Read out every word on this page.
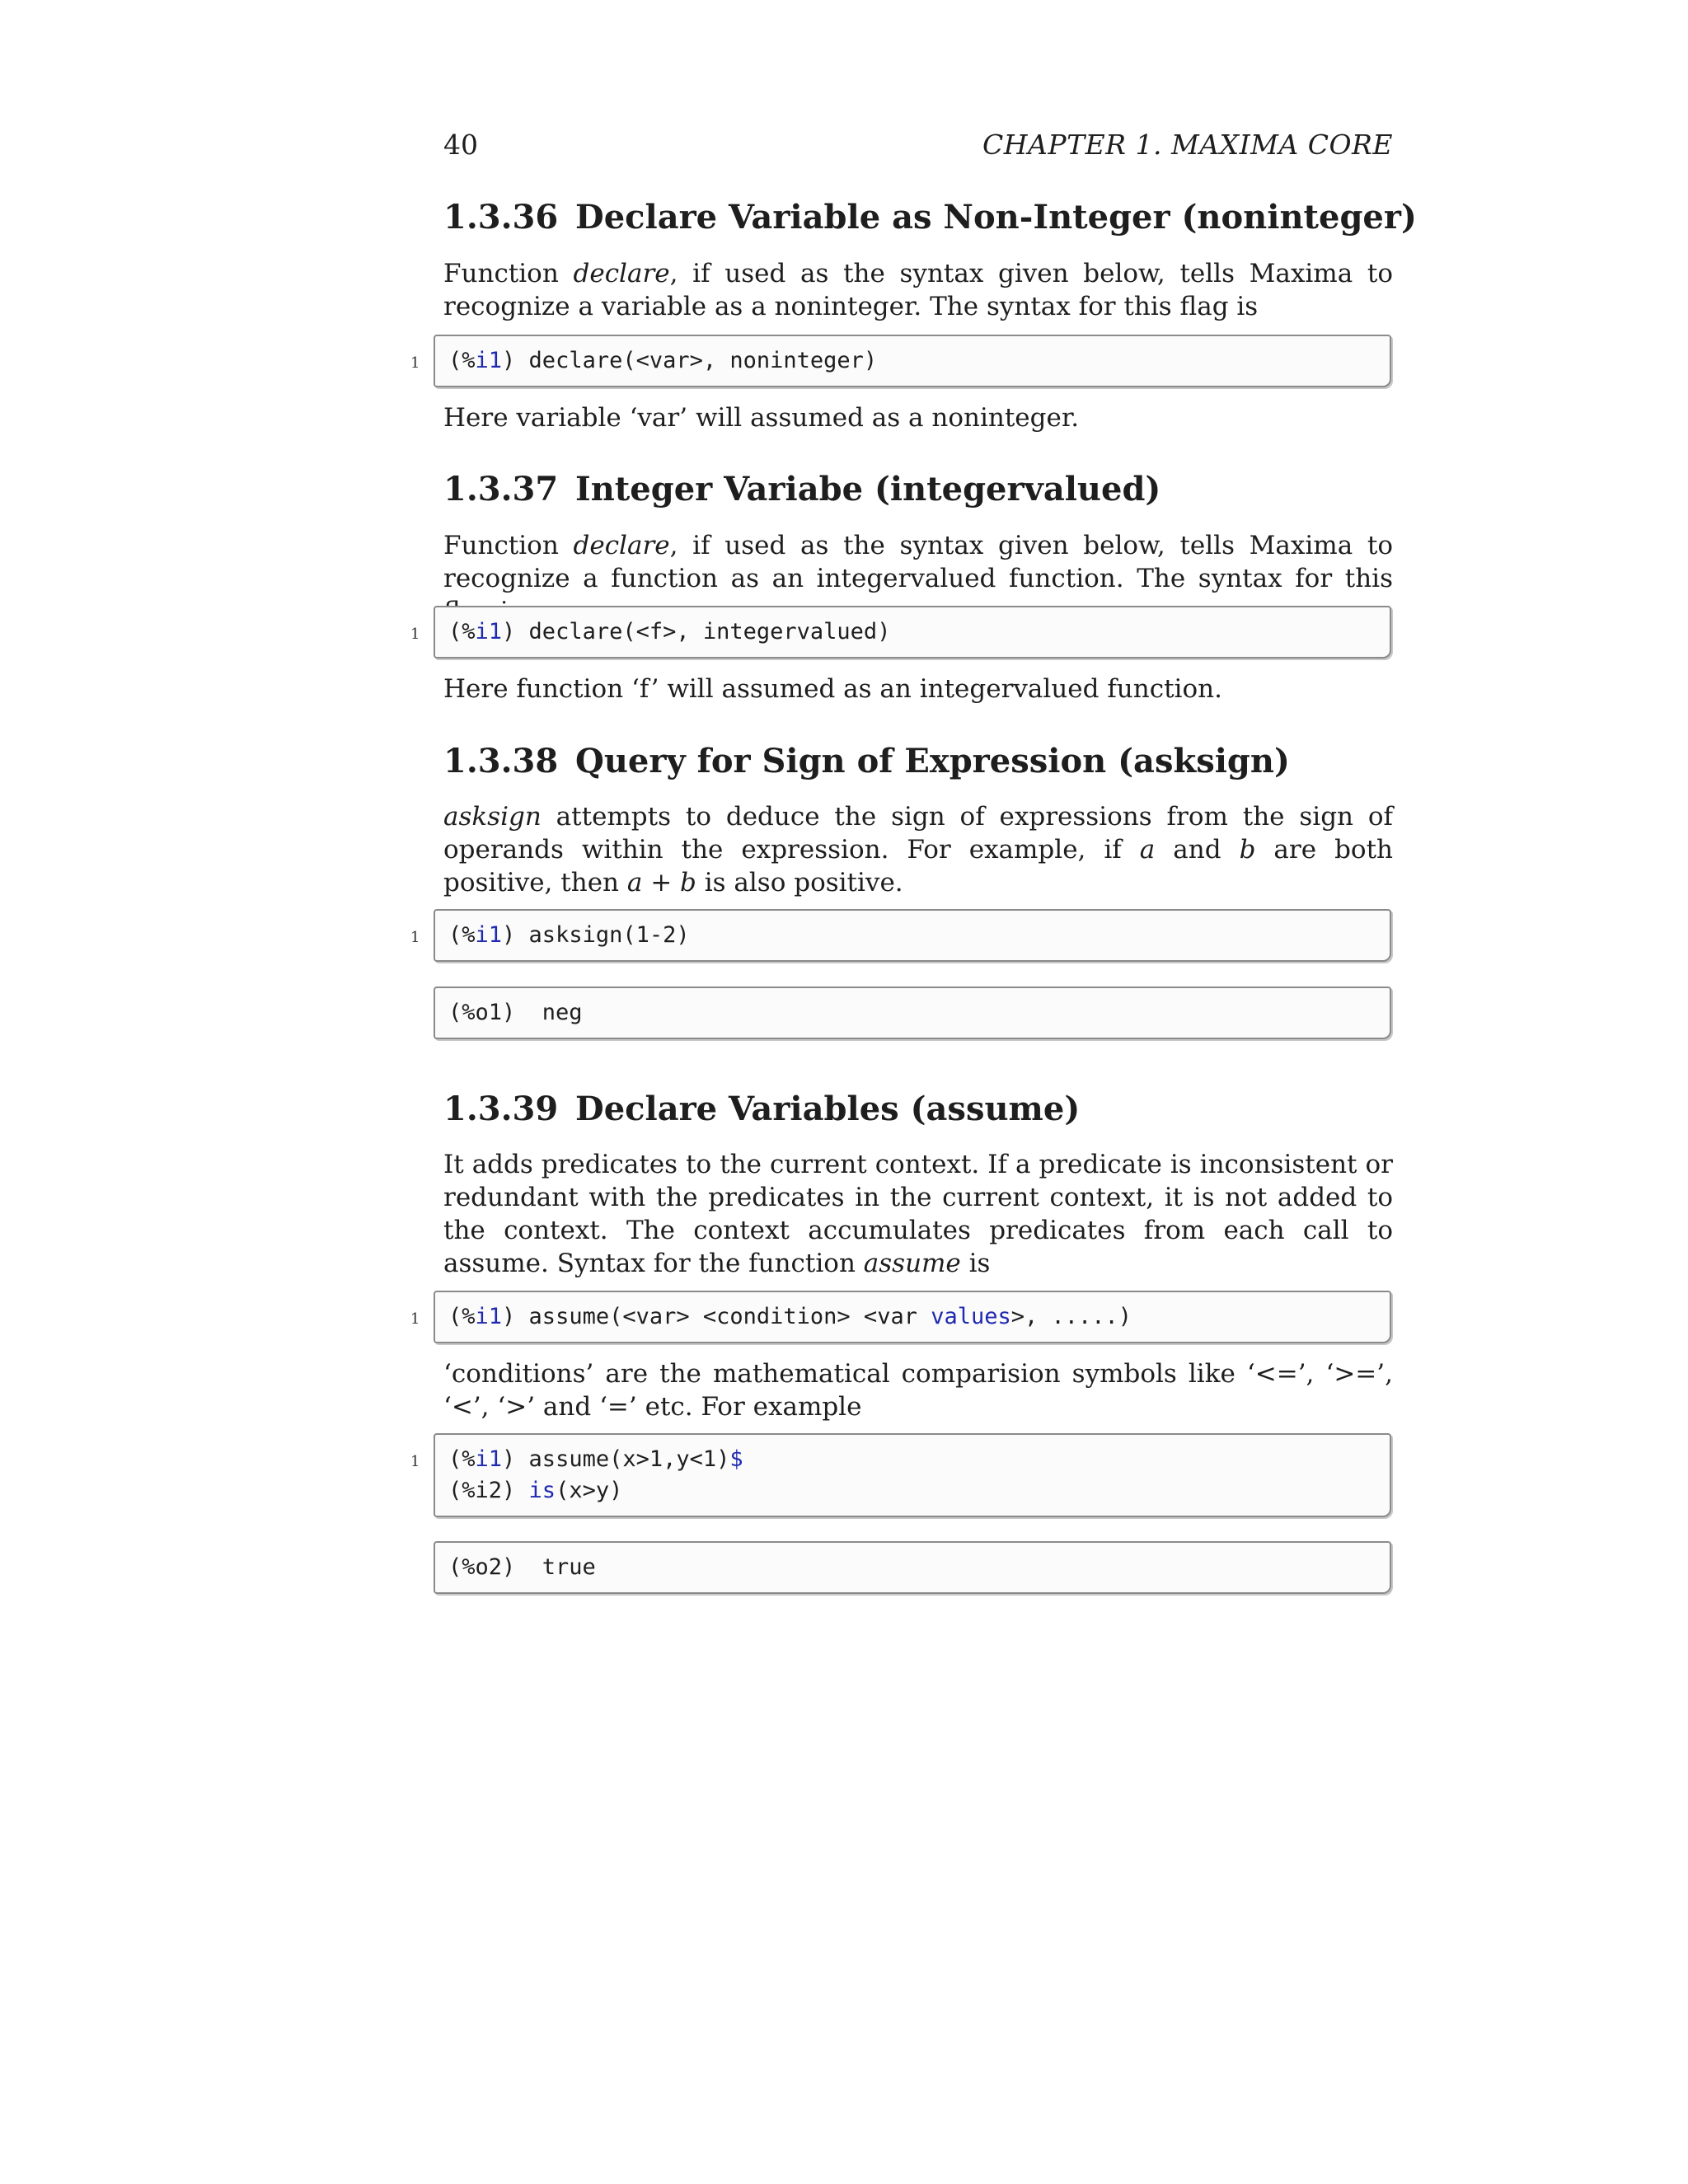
40	CHAPTER 1. MAXIMA CORE
1.3.36 Declare Variable as Non-Integer (noninteger)

Function declare, if used as the syntax given below, tells Maxima to recognize a variable as a noninteger. The syntax for this flag is

1 (%i1) declare(<var>, noninteger)

Here variable ‘var’ will assumed as a noninteger.

1.3.37 Integer Variabe (integervalued)

Function declare, if used as the syntax given below, tells Maxima to recognize a function as an integervalued function. The syntax for this

1 (%i1) declare(<f>, integervalued)

Here function ‘f’ will assumed as an integervalued function.

1.3.38 Query for Sign of Expression (asksign)

asksign attempts to deduce the sign of expressions from the sign of operands within the expression. For example, if a and b are both positive, then a + b is also positive.

1 (%i1) asksign(1-2)
(%o1)  neg
1.3.39 Declare Variables (assume)

It adds predicates to the current context. If a predicate is inconsistent or redundant with the predicates in the current context, it is not added to the context. The context accumulates predicates from each call to assume. Syntax for the function assume is

1 (%i1) assume(<var> <condition> <var values>, .....)

‘conditions’ are the mathematical comparision symbols like ‘<=’, ‘>=’, ‘<’, ‘>’ and ‘=’ etc. For example

1 (%i1) assume(x>1,y<1)$
(%i2) is(x>y)
(%o2)  true
